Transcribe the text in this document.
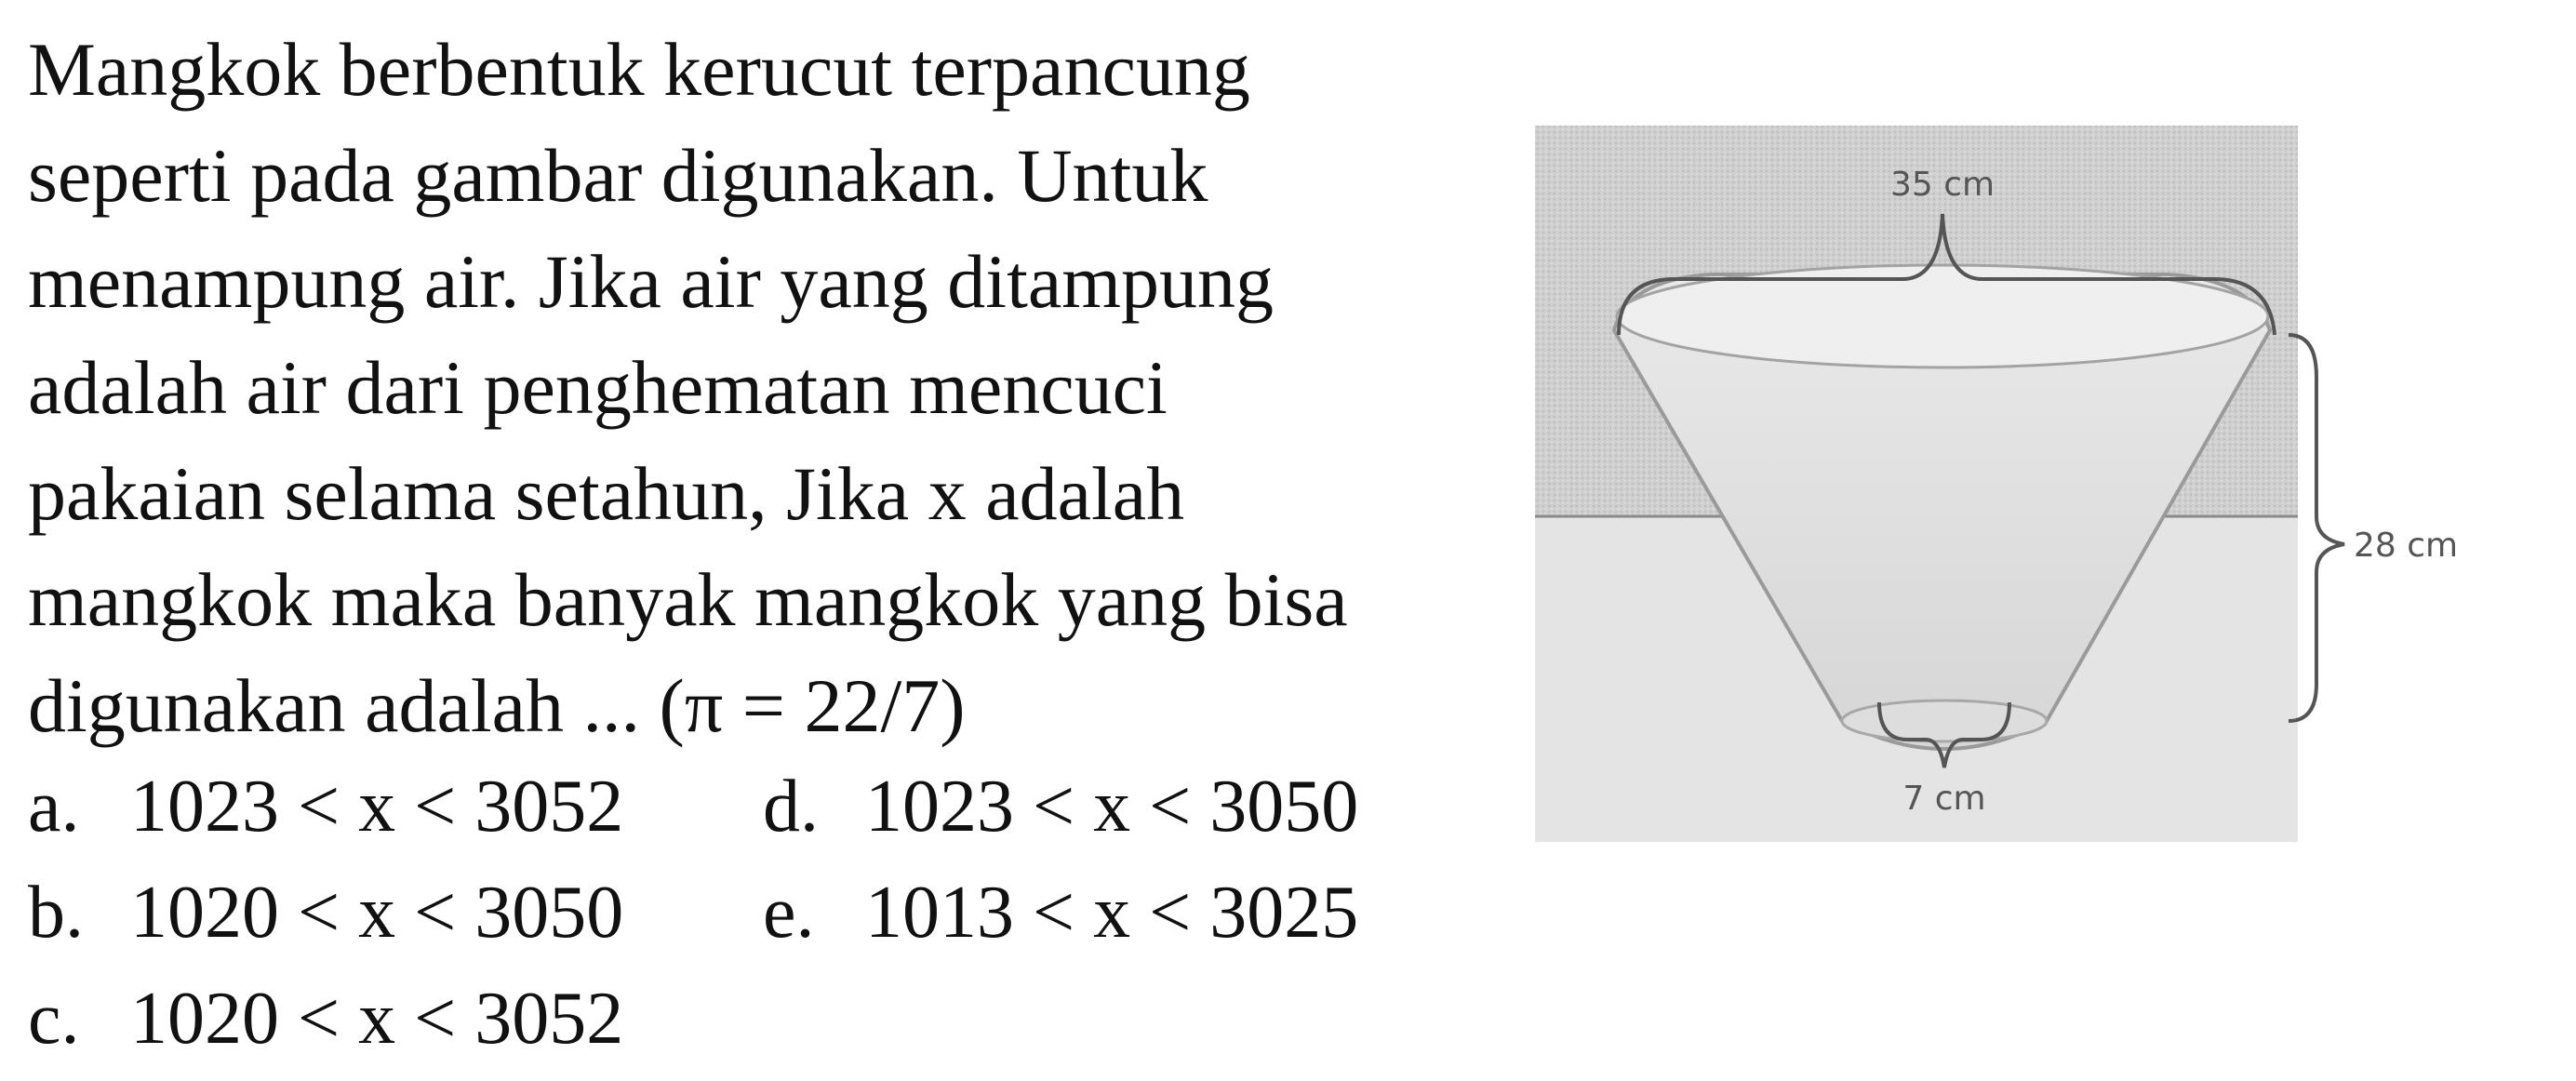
Mangkok berbentuk kerucut terpancung

seperti pada gambar digunakan. Untuk

menampung air. Jika air yang ditampung

adalah air dari penghematan mencuci

pakaian selama setahun, Jika x adalah

mangkok maka banyak mangkok yang bisa

digunakan adalah ... (π = 22/7)

a. 1023 < x < 3052 d. 1023 < x < 3050
b. 1020 < x < 3050 e. 1013 < x < 3025
c. 1020 < x < 3052
35 cm
28 cm
7 cm
